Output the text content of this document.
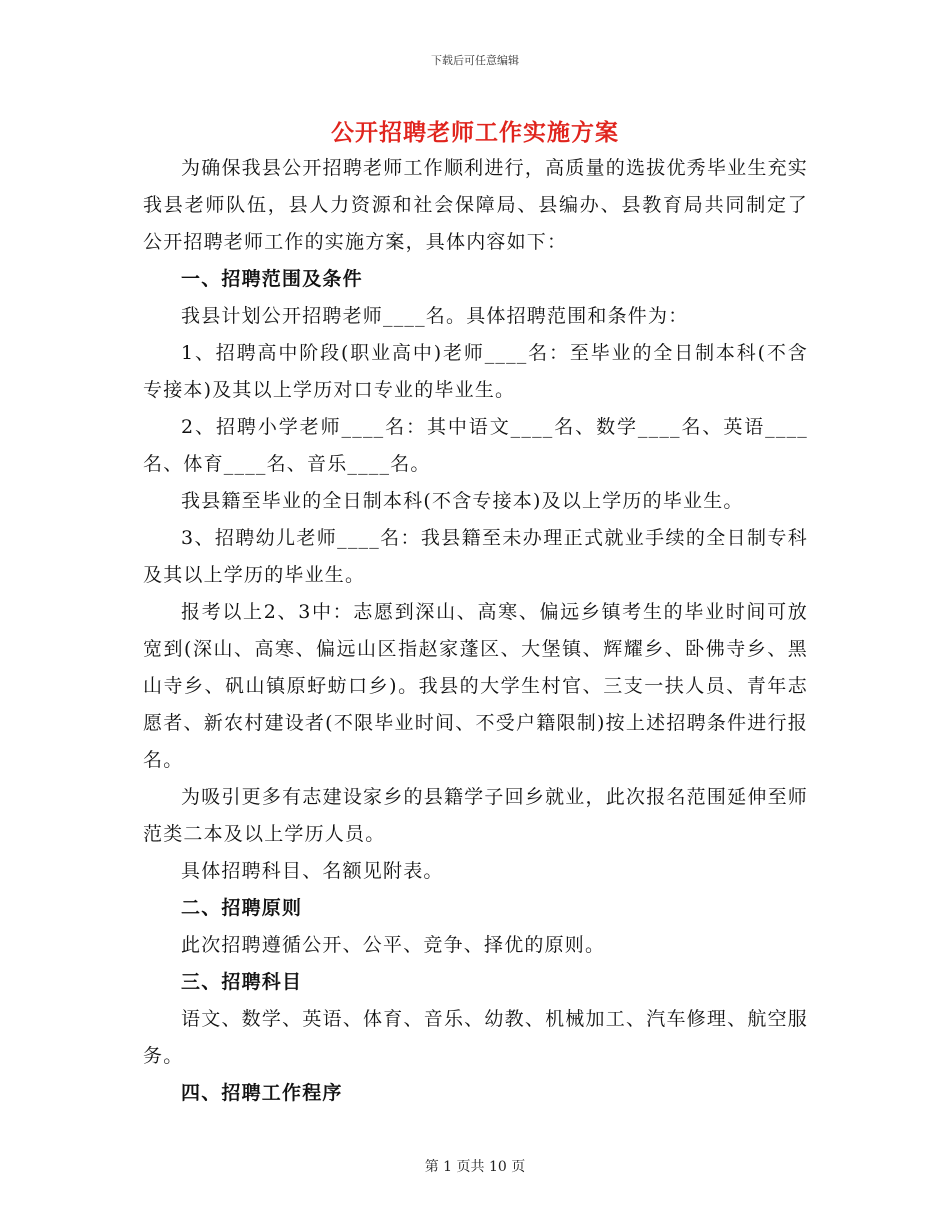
下载后可任意编辑
公开招聘老师工作实施方案

为确保我县公开招聘老师工作顺利进行，高质量的选拔优秀毕业生充实我县老师队伍，县人力资源和社会保障局、县编办、县教育局共同制定了公开招聘老师工作的实施方案，具体内容如下：

一、招聘范围及条件

我县计划公开招聘老师____名。具体招聘范围和条件为：

1、招聘高中阶段(职业高中)老师____名：至毕业的全日制本科(不含专接本)及其以上学历对口专业的毕业生。

2、招聘小学老师____名：其中语文____名、数学____名、英语____名、体育____名、音乐____名。

我县籍至毕业的全日制本科(不含专接本)及以上学历的毕业生。

3、招聘幼儿老师____名：我县籍至未办理正式就业手续的全日制专科及其以上学历的毕业生。

报考以上2、3中：志愿到深山、高寒、偏远乡镇考生的毕业时间可放宽到(深山、高寒、偏远山区指赵家蓬区、大堡镇、辉耀乡、卧佛寺乡、黑山寺乡、矾山镇原虸蚄口乡)。我县的大学生村官、三支一扶人员、青年志愿者、新农村建设者(不限毕业时间、不受户籍限制)按上述招聘条件进行报名。

为吸引更多有志建设家乡的县籍学子回乡就业，此次报名范围延伸至师范类二本及以上学历人员。

具体招聘科目、名额见附表。

二、招聘原则

此次招聘遵循公开、公平、竞争、择优的原则。

三、招聘科目

语文、数学、英语、体育、音乐、幼教、机械加工、汽车修理、航空服务。

四、招聘工作程序

第 1 页共 10 页
